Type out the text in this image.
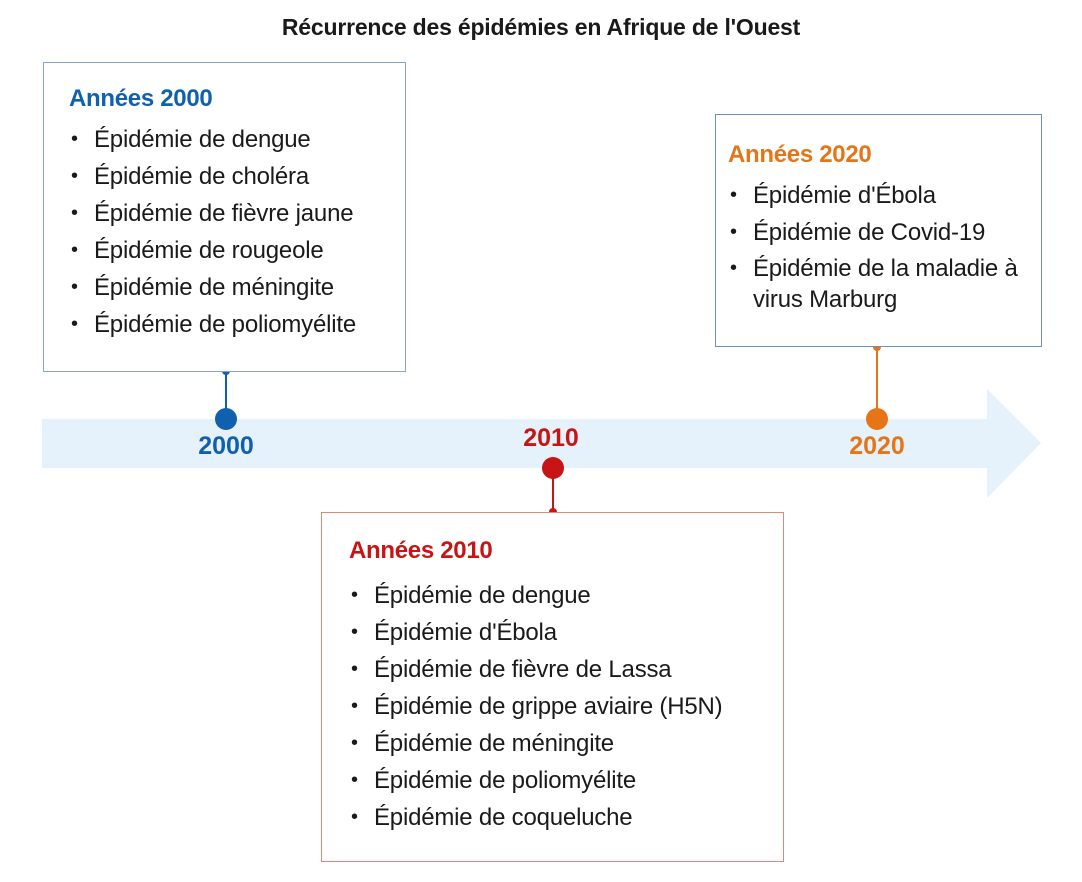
Récurrence des épidémies en Afrique de l'Ouest
2000	2010	2020
Années 2000
• Épidémie de dengue
• Épidémie de choléra
• Épidémie de fièvre jaune
• Épidémie de rougeole
• Épidémie de méningite
• Épidémie de poliomyélite
Années 2010
• Épidémie de dengue
• Épidémie d'Ébola
• Épidémie de fièvre de Lassa
• Épidémie de grippe aviaire (H5N)
• Épidémie de méningite
• Épidémie de poliomyélite
• Épidémie de coqueluche
Années 2020
• Épidémie d'Ébola
• Épidémie de Covid-19
• Épidémie de la maladie à virus Marburg
